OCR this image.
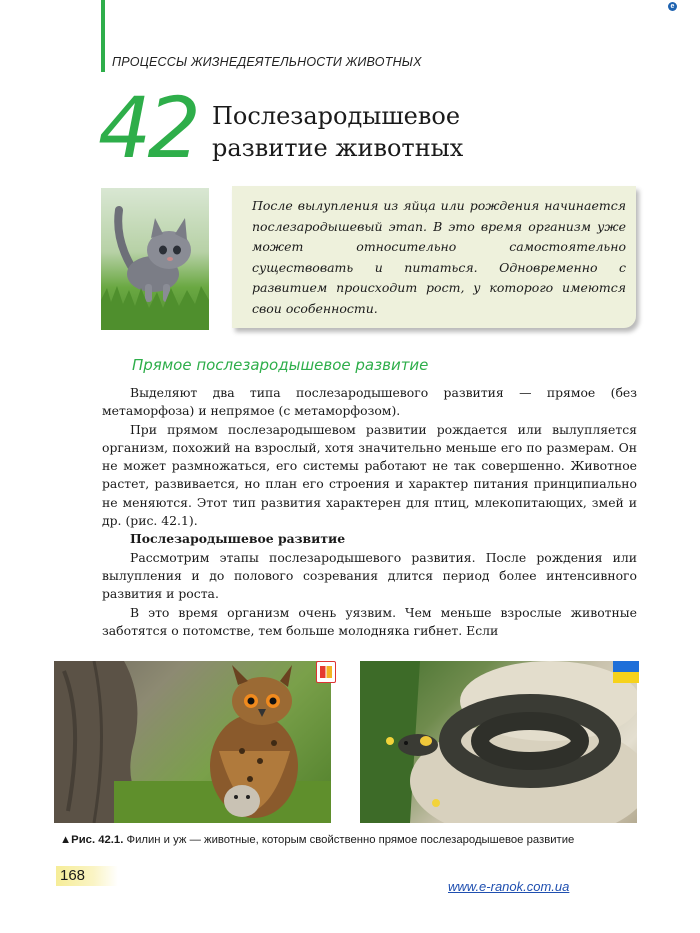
ПРОЦЕССЫ ЖИЗНЕДЕЯТЕЛЬНОСТИ ЖИВОТНЫХ
e
42 Послезародышевое
развитие животных
После вылупления из яйца или рождения начинается послезародышевый этап. В это время организм уже может относительно самостоятельно существовать и питаться. Одновременно с развитием происходит рост, у которого имеются свои особенности.
Прямое послезародышевое развитие

Выделяют два типа послезародышевого развития — прямое (без метаморфоза) и непрямое (с метаморфозом).

При прямом послезародышевом развитии рождается или вылупляется организм, похожий на взрослый, хотя значительно меньше его по размерам. Он не может размножаться, его системы работают не так совершенно. Животное растет, развивается, но план его строения и характер питания принципиально не меняются. Этот тип развития характерен для птиц, млекопитающих, змей и др. (рис. 42.1).

Послезародышевое развитие

Рассмотрим этапы послезародышевого развития. После рождения или вылупления и до полового созревания длится период более интенсивного развития и роста.

В это время организм очень уязвим. Чем меньше взрослые животные заботятся о потомстве, тем больше молодняка гибнет. Если

▲Рис. 42.1. Филин и уж — животные, которым свойственно прямое послезародышевое развитие
168
www.e-ranok.com.ua
